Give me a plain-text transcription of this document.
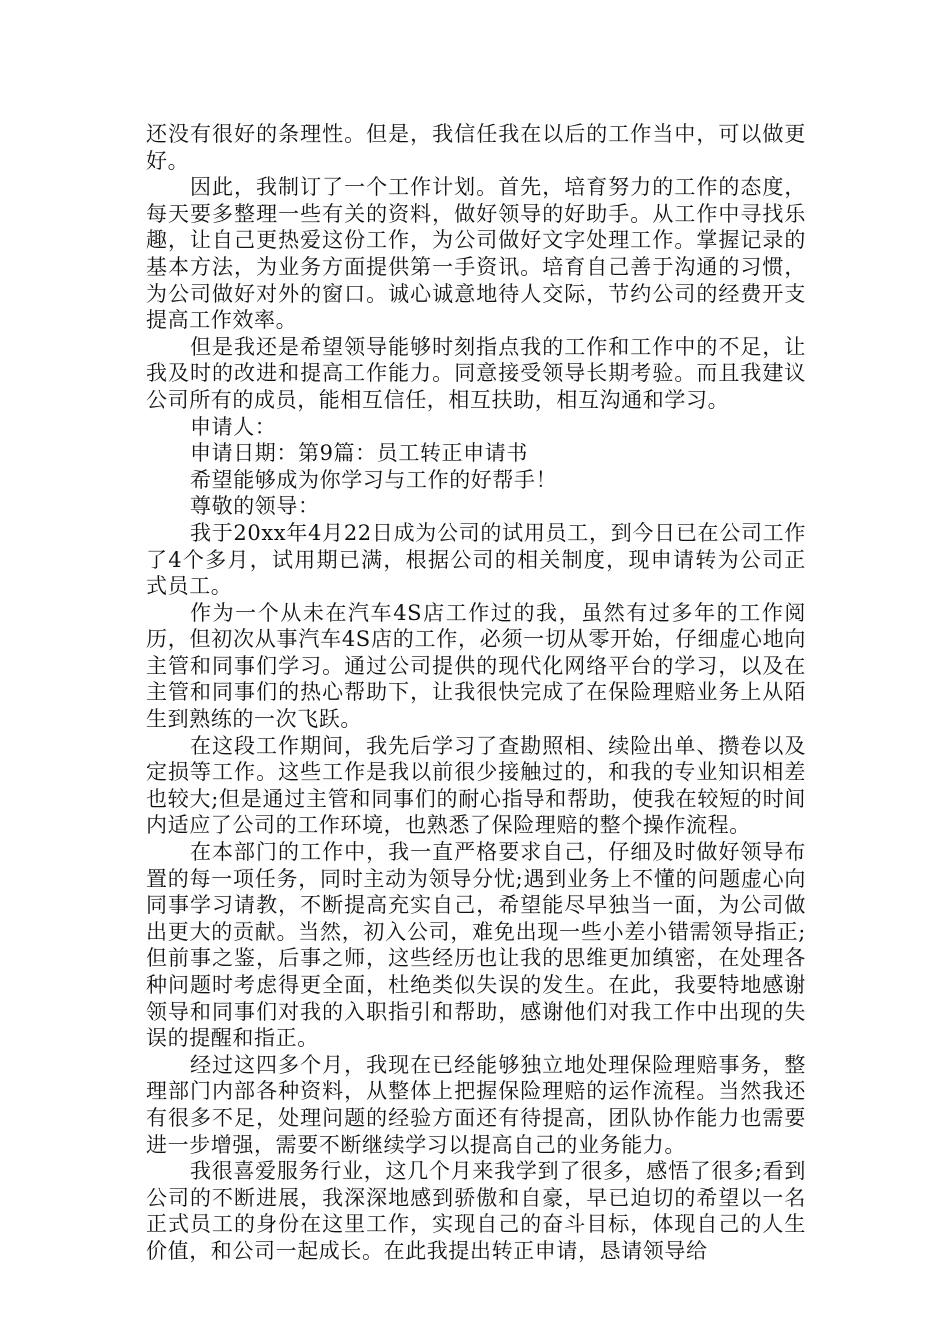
还没有很好的条理性。但是，我信任我在以后的工作当中，可以做更好。

因此，我制订了一个工作计划。首先，培育努力的工作的态度，每天要多整理一些有关的资料，做好领导的好助手。从工作中寻找乐趣，让自己更热爱这份工作，为公司做好文字处理工作。掌握记录的基本方法，为业务方面提供第一手资讯。培育自己善于沟通的习惯，为公司做好对外的窗口。诚心诚意地待人交际，节约公司的经费开支提高工作效率。

但是我还是希望领导能够时刻指点我的工作和工作中的不足，让我及时的改进和提高工作能力。同意接受领导长期考验。而且我建议公司所有的成员，能相互信任，相互扶助，相互沟通和学习。

申请人：

申请日期：第9篇：员工转正申请书

希望能够成为你学习与工作的好帮手！

尊敬的领导：

我于20xx年4月22日成为公司的试用员工，到今日已在公司工作了4个多月，试用期已满，根据公司的相关制度，现申请转为公司正式员工。

作为一个从未在汽车4S店工作过的我，虽然有过多年的工作阅历，但初次从事汽车4S店的工作，必须一切从零开始，仔细虚心地向主管和同事们学习。通过公司提供的现代化网络平台的学习，以及在主管和同事们的热心帮助下，让我很快完成了在保险理赔业务上从陌生到熟练的一次飞跃。

在这段工作期间，我先后学习了查勘照相、续险出单、攒卷以及定损等工作。这些工作是我以前很少接触过的，和我的专业知识相差也较大;但是通过主管和同事们的耐心指导和帮助，使我在较短的时间内适应了公司的工作环境，也熟悉了保险理赔的整个操作流程。

在本部门的工作中，我一直严格要求自己，仔细及时做好领导布置的每一项任务，同时主动为领导分忧;遇到业务上不懂的问题虚心向同事学习请教，不断提高充实自己，希望能尽早独当一面，为公司做出更大的贡献。当然，初入公司，难免出现一些小差小错需领导指正;但前事之鉴，后事之师，这些经历也让我的思维更加缜密，在处理各种问题时考虑得更全面，杜绝类似失误的发生。在此，我要特地感谢领导和同事们对我的入职指引和帮助，感谢他们对我工作中出现的失误的提醒和指正。

经过这四多个月，我现在已经能够独立地处理保险理赔事务，整理部门内部各种资料，从整体上把握保险理赔的运作流程。当然我还有很多不足，处理问题的经验方面还有待提高，团队协作能力也需要进一步增强，需要不断继续学习以提高自己的业务能力。

我很喜爱服务行业，这几个月来我学到了很多，感悟了很多;看到公司的不断进展，我深深地感到骄傲和自豪，早已迫切的希望以一名正式员工的身份在这里工作，实现自己的奋斗目标，体现自己的人生价值，和公司一起成长。在此我提出转正申请，恳请领导给
